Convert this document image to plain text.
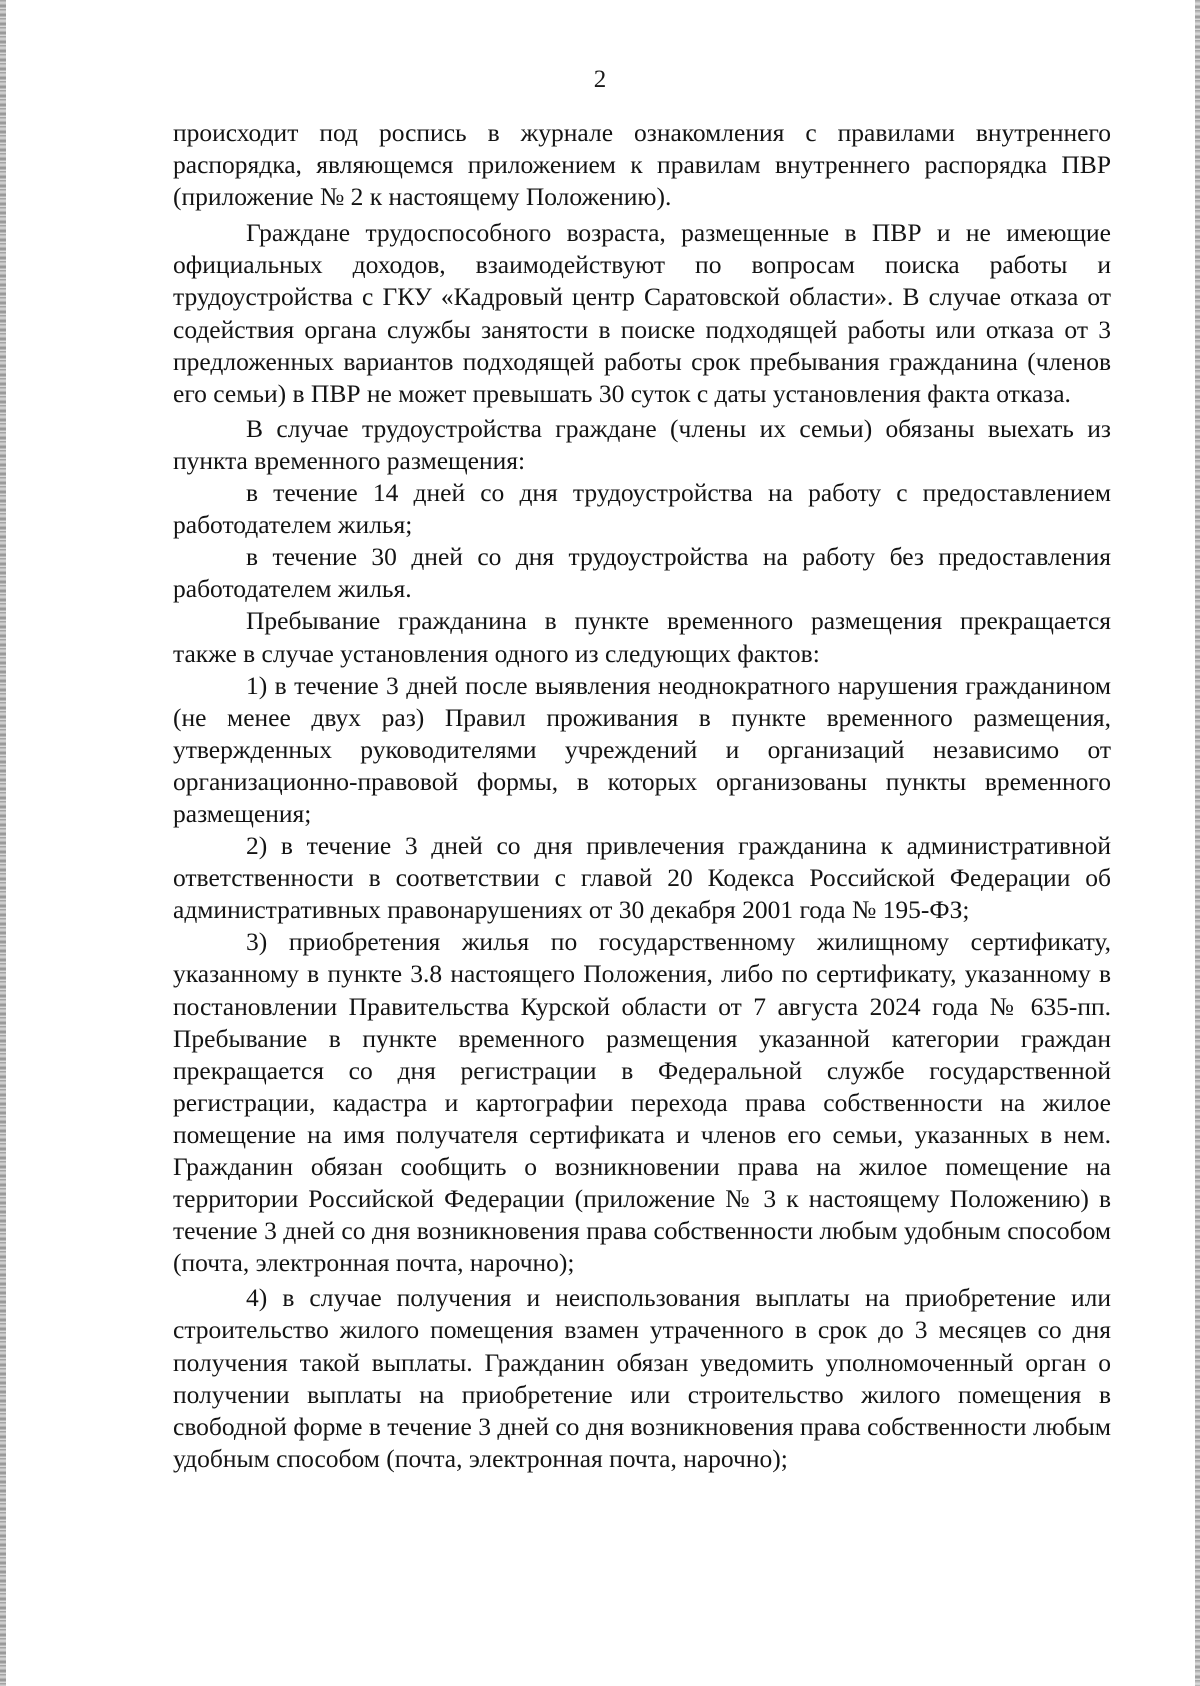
2

происходит под роспись в журнале ознакомления с правилами внутреннего распорядка, являющемся приложением к правилам внутреннего распорядка ПВР (приложение № 2 к настоящему Положению).

Граждане трудоспособного возраста, размещенные в ПВР и не имеющие официальных доходов, взаимодействуют по вопросам поиска работы и трудоустройства с ГКУ «Кадровый центр Саратовской области». В случае отказа от содействия органа службы занятости в поиске подходящей работы или отказа от 3 предложенных вариантов подходящей работы срок пребывания гражданина (членов его семьи) в ПВР не может превышать 30 суток с даты установления факта отказа.

В случае трудоустройства граждане (члены их семьи) обязаны выехать из пункта временного размещения:

в течение 14 дней со дня трудоустройства на работу с предоставлением работодателем жилья;

в течение 30 дней со дня трудоустройства на работу без предоставления работодателем жилья.

Пребывание гражданина в пункте временного размещения прекращается также в случае установления одного из следующих фактов:

1) в течение 3 дней после выявления неоднократного нарушения гражданином (не менее двух раз) Правил проживания в пункте временного размещения, утвержденных руководителями учреждений и организаций независимо от организационно-правовой формы, в которых организованы пункты временного размещения;

2) в течение 3 дней со дня привлечения гражданина к административной ответственности в соответствии с главой 20 Кодекса Российской Федерации об административных правонарушениях от 30 декабря 2001 года № 195-ФЗ;

3) приобретения жилья по государственному жилищному сертификату, указанному в пункте 3.8 настоящего Положения, либо по сертификату, указанному в постановлении Правительства Курской области от 7 августа 2024 года № 635-пп. Пребывание в пункте временного размещения указанной категории граждан прекращается со дня регистрации в Федеральной службе государственной регистрации, кадастра и картографии перехода права собственности на жилое помещение на имя получателя сертификата и членов его семьи, указанных в нем. Гражданин обязан сообщить о возникновении права на жилое помещение на территории Российской Федерации (приложение № 3 к настоящему Положению) в течение 3 дней со дня возникновения права собственности любым удобным способом (почта, электронная почта, нарочно);

4) в случае получения и неиспользования выплаты на приобретение или строительство жилого помещения взамен утраченного в срок до 3 месяцев со дня получения такой выплаты. Гражданин обязан уведомить уполномоченный орган о получении выплаты на приобретение или строительство жилого помещения в свободной форме в течение 3 дней со дня возникновения права собственности любым удобным способом (почта, электронная почта, нарочно);
